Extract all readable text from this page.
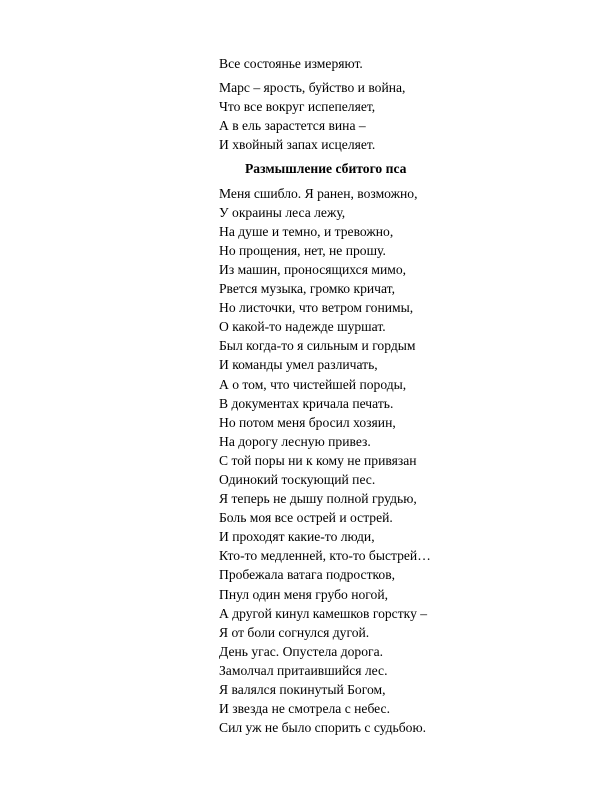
Все состоянье измеряют.
Марс – ярость, буйство и война,
Что все вокруг испепеляет,
А в ель зарастется вина –
И хвойный запах исцеляет.
Размышление сбитого пса
Меня сшибло. Я ранен, возможно,
У окраины леса лежу,
На душе и темно, и тревожно,
Но прощения, нет, не прошу.
Из машин, проносящихся мимо,
Рвется музыка, громко кричат,
Но листочки, что ветром гонимы,
О какой-то надежде шуршат.
Был когда-то я сильным и гордым
И команды умел различать,
А о том, что чистейшей породы,
В документах кричала печать.
Но потом меня бросил хозяин,
На дорогу лесную привез.
С той поры ни к кому не привязан
Одинокий тоскующий пес.
Я теперь не дышу полной грудью,
Боль моя все острей и острей.
И проходят какие-то люди,
Кто-то медленней, кто-то быстрей…
Пробежала ватага подростков,
Пнул один меня грубо ногой,
А другой кинул камешков горстку –
Я от боли согнулся дугой.
День угас. Опустела дорога.
Замолчал притаившийся лес.
Я валялся покинутый Богом,
И звезда не смотрела с небес.
Сил уж не было спорить с судьбою.
